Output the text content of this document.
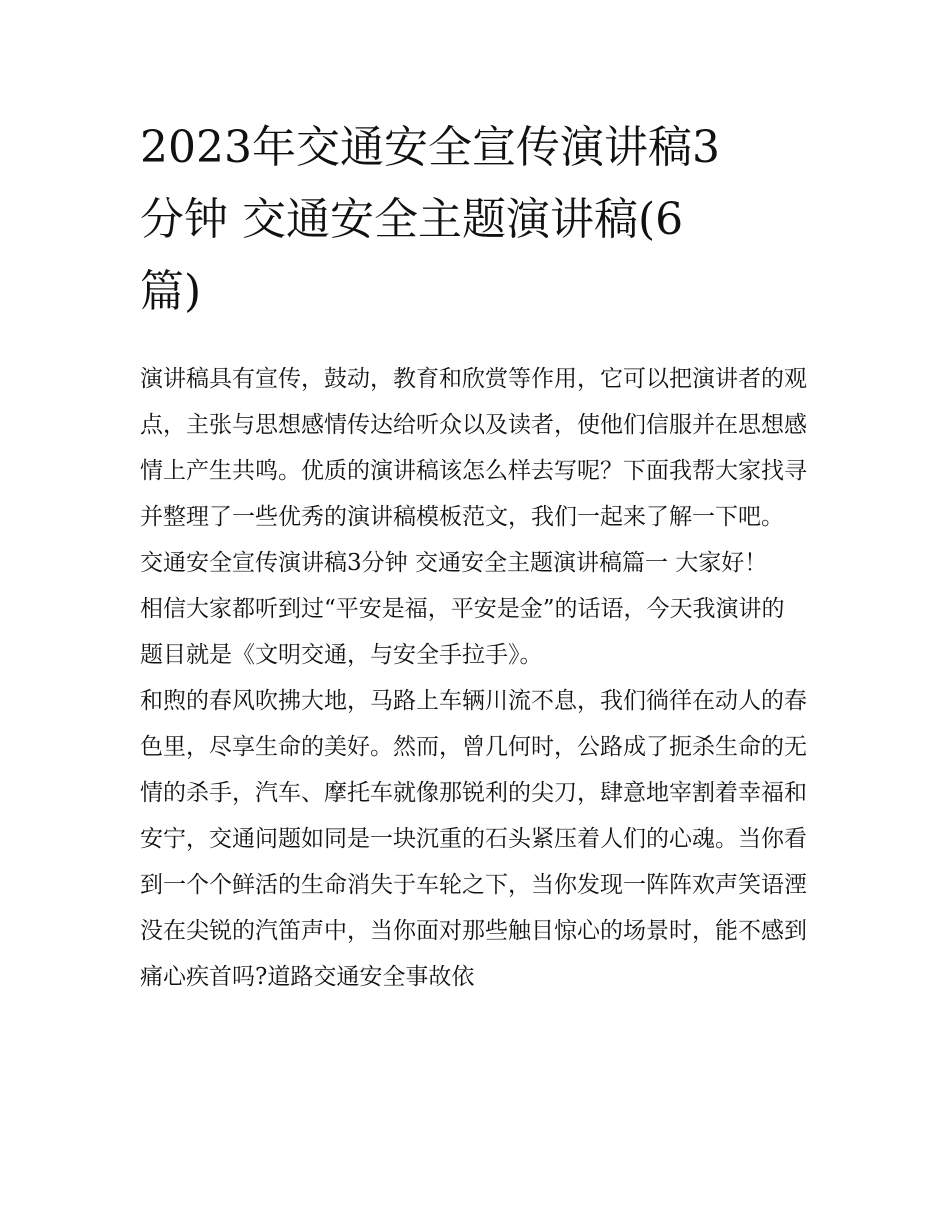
2023年交通安全宣传演讲稿3
分钟 交通安全主题演讲稿(6
篇)

演讲稿具有宣传，鼓动，教育和欣赏等作用，它可以把演讲者的观点，主张与思想感情传达给听众以及读者，使他们信服并在思想感情上产生共鸣。优质的演讲稿该怎么样去写呢？下面我帮大家找寻并整理了一些优秀的演讲稿模板范文，我们一起来了解一下吧。

交通安全宣传演讲稿3分钟 交通安全主题演讲稿篇一 大家好！ 相信大家都听到过“平安是福，平安是金”的话语，今天我演讲的题目就是《文明交通，与安全手拉手》。

和煦的春风吹拂大地，马路上车辆川流不息，我们徜徉在动人的春色里，尽享生命的美好。然而，曾几何时，公路成了扼杀生命的无情的杀手，汽车、摩托车就像那锐利的尖刀，肆意地宰割着幸福和安宁，交通问题如同是一块沉重的石头紧压着人们的心魂。当你看到一个个鲜活的生命消失于车轮之下，当你发现一阵阵欢声笑语湮没在尖锐的汽笛声中，当你面对那些触目惊心的场景时，能不感到痛心疾首吗?道路交通安全事故依
